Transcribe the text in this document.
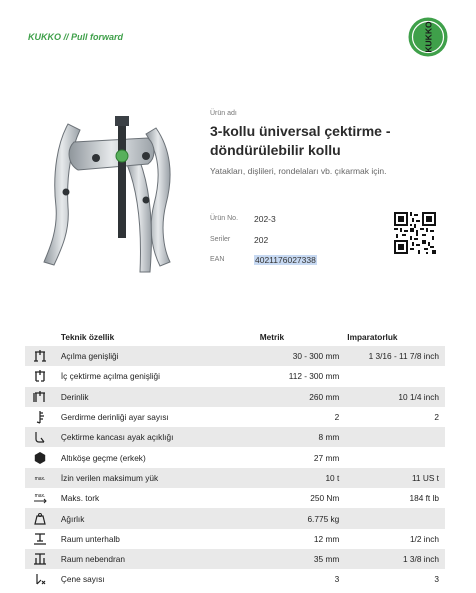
KUKKO // Pull forward	KUKKO
Ürün adı
3-kollu üniversal çektirme -
döndürülebilir kollu
Yatakları, dişlileri, rondelaları vb. çıkarmak için.
Ürün No. 202-3
Seriler	202
EAN	4021176027338
	Teknik özellik	Metrik	Imparatorluk
	Açılma genişliği	30 - 300 mm	1 3/16 - 11 7/8 inch
	İç çektirme açılma genişliği	112 - 300 mm	
	Derinlik	260 mm	10 1/4 inch
	Gerdirme derinliği ayar sayısı	2	2
	Çektirme kancası ayak açıklığı	8 mm	
	Altıköşe geçme (erkek)	27 mm	

max.	İzin verilen maksimum yük	10 t	11 US t

max.	Maks. tork	250 Nm	184 ft lb
	Ağırlık	6.775 kg	
	Raum unterhalb	12 mm	1/2 inch
	Raum nebendran	35 mm	1 3/8 inch
	Çene sayısı	3	3
